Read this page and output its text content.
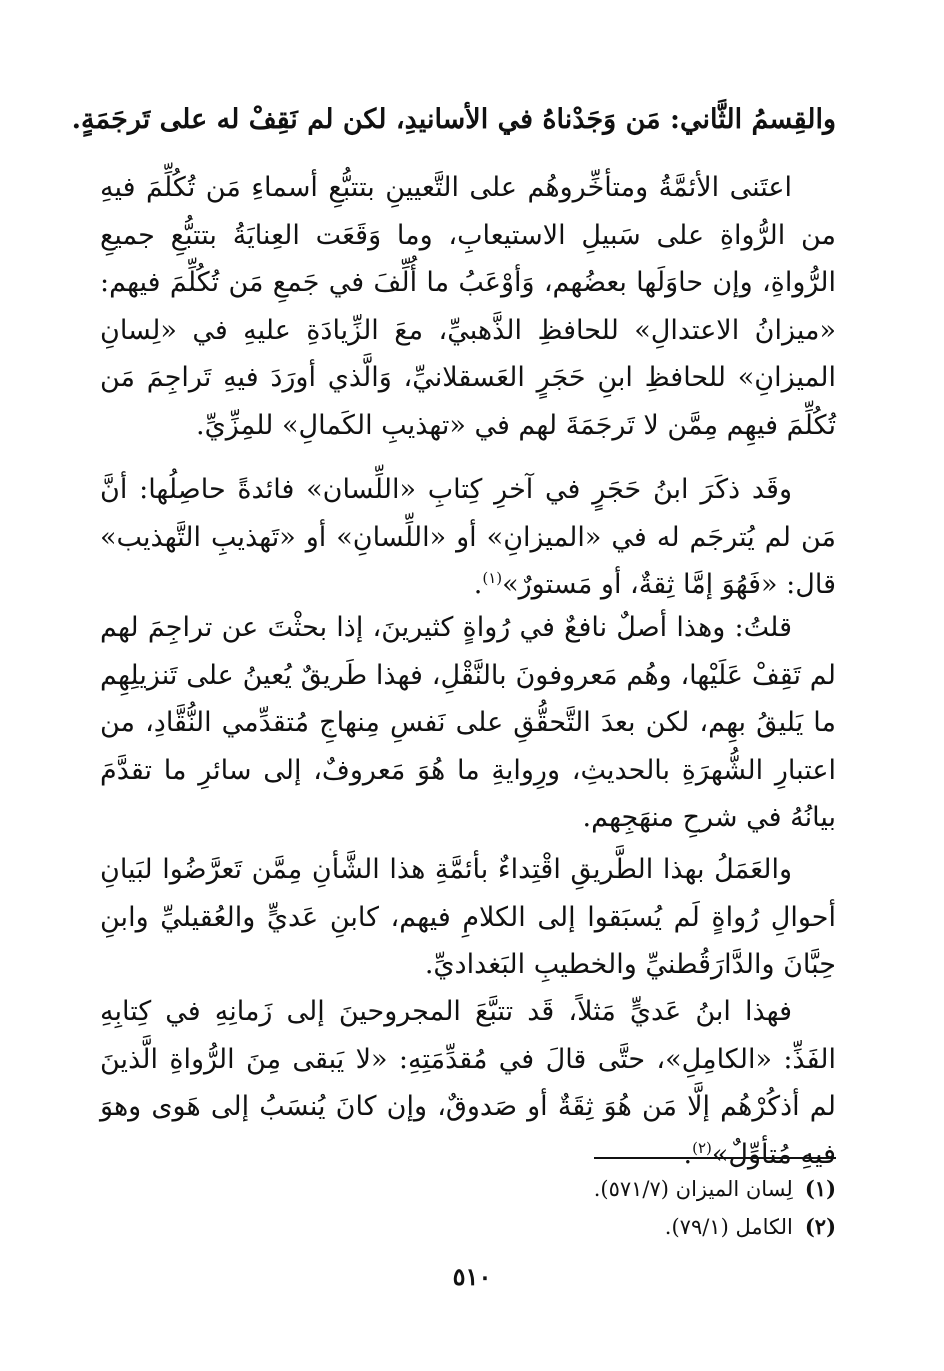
والقِسمُ الثَّاني: مَن وَجَدْناهُ في الأسانيدِ، لكن لم نَقِفْ له على تَرجَمَةٍ.

اعتَنى الأئمَّةُ ومتأخِّروهُم على التَّعيينِ بتتبُّعِ أسماءِ مَن تُكُلِّمَ فيهِ من الرُّواةِ على سَبيلِ الاستيعابِ، وما وَقَعَت العِنايَةُ بتتبُّعِ جميعِ الرُّواةِ، وإن حاوَلَها بعضُهم، وَأوْعَبُ ما أُلِّفَ في جَمعِ مَن تُكُلِّمَ فيهم: «ميزانُ الاعتدالِ» للحافظِ الذَّهبيِّ، معَ الزِّيادَةِ عليهِ في «لِسانِ الميزانِ» للحافظِ ابنِ حَجَرٍ العَسقلانيِّ، وَالَّذي أورَدَ فيهِ تَراجِمَ مَن تُكُلِّمَ فيهِم مِمَّن لا تَرجَمَةَ لهم في «تهذيبِ الكَمالِ» للمِزِّيِّ.

وقَد ذكَرَ ابنُ حَجَرٍ في آخرِ كِتابِ «اللِّسان» فائدةً حاصِلُها: أنَّ مَن لم يُترجَم له في «الميزانِ» أو «اللِّسانِ» أو «تَهذيبِ التَّهذيب» قال: «فَهُوَ إمَّا ثِقةٌ، أو مَستورٌ»$^{(١)}$.

قلتُ: وهذا أصلٌ نافعٌ في رُواةٍ كثيرينَ، إذا بحثْتَ عن تراجِمَ لهم لم تَقِفْ عَلَيْها، وهُم مَعروفونَ بالنَّقْلِ، فهذا طَريقٌ يُعينُ على تَنزيلِهِم ما يَليقُ بهِم، لكن بعدَ التَّحقُّقِ على نَفسِ مِنهاجِ مُتقدِّمي النُّقَّادِ، من اعتبارِ الشُّهرَةِ بالحديثِ، ورِوايةِ ما هُوَ مَعروفٌ، إلى سائرِ ما تقدَّمَ بيانُهُ في شرحِ منهَجِهم.

والعَمَلُ بهذا الطَّريقِ اقْتِداءٌ بأئمَّةِ هذا الشَّأنِ مِمَّن تَعرَّضُوا لبَيانِ أحوالِ رُواةٍ لَم يُسبَقوا إلى الكلامِ فيهم، كابنِ عَديٍّ والعُقيليِّ وابنِ حِبَّانَ والدَّارَقُطنيِّ والخطيبِ البَغداديِّ.

فهذا ابنُ عَديٍّ مَثلاً، قَد تتبَّعَ المجروحينَ إلى زَمانِهِ في كِتابِهِ الفَذِّ: «الكامِلِ»، حتَّى قالَ في مُقدِّمَتِهِ: «لا يَبقى مِنَ الرُّواةِ الَّذينَ لم أذكُرْهُم إلَّا مَن هُوَ ثِقَةٌ أو صَدوقٌ، وإن كانَ يُنسَبُ إلى هَوى وهوَ فيهِ مُتأوِّلٌ»$^{(٢)}$.

(١)لِسان الميزان (٥٧١/٧).
(٢)الكامل (٧٩/١).
٥١٠
